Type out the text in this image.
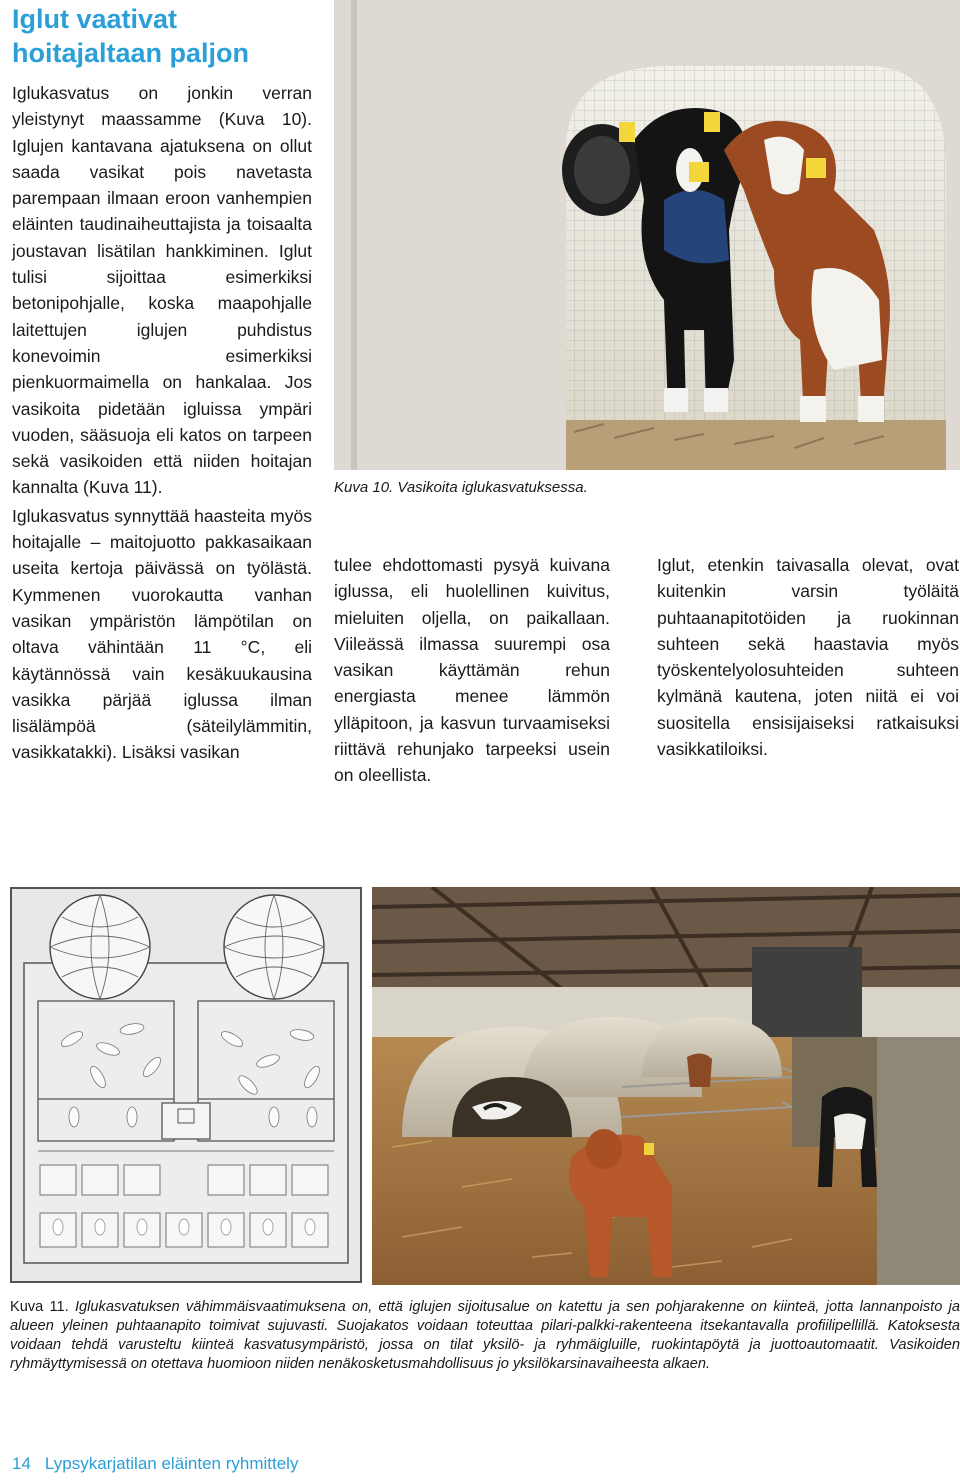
Iglut vaativat
hoitajaltaan paljon

Iglukasvatus on jonkin verran yleistynyt maassamme (Kuva 10). Iglujen kantavana ajatuksena on ollut saada vasikat pois navetasta parempaan ilmaan eroon vanhempien eläinten taudinaiheuttajista ja toisaalta joustavan lisätilan hankkiminen. Iglut tulisi sijoittaa esimerkiksi betonipohjalle, koska maapohjalle laitettujen iglujen puhdistus konevoimin esimerkiksi pienkuormaimella on hankalaa. Jos vasikoita pidetään igluissa ympäri vuoden, sääsuoja eli katos on tarpeen sekä vasikoiden että niiden hoitajan kannalta (Kuva 11).

Iglukasvatus synnyttää haasteita myös hoitajalle – maitojuotto pakkasaikaan useita kertoja päivässä on työlästä. Kymmenen vuorokautta vanhan vasikan ympäristön lämpötilan on oltava vähintään 11 °C, eli käytännössä vain kesäkuukausina vasikka pärjää iglussa ilman lisälämpöä (säteilylämmitin, vasikkatakki). Lisäksi vasikan

Kuva 10. Vasikoita iglukasvatuksessa.

tulee ehdottomasti pysyä kuivana iglussa, eli huolellinen kuivitus, mieluiten oljella, on paikallaan. Viileässä ilmassa suurempi osa vasikan käyttämän rehun energiasta menee lämmön ylläpitoon, ja kasvun turvaamiseksi riittävä rehunjako tarpeeksi usein on oleellista.

Iglut, etenkin taivasalla olevat, ovat kuitenkin varsin työläitä puhtaanapitotöiden ja ruokinnan suhteen sekä haastavia myös työskentelyolosuhteiden suhteen kylmänä kautena, joten niitä ei voi suositella ensisijaiseksi ratkaisuksi vasikkatiloiksi.

Kuva 11. Iglukasvatuksen vähimmäisvaatimuksena on, että iglujen sijoitusalue on katettu ja sen pohjarakenne on kiinteä, jotta lannanpoisto ja alueen yleinen puhtaanapito toimivat sujuvasti. Suojakatos voidaan toteuttaa pilari-palkki-rakenteena itsekantavalla profiilipellillä. Katoksesta voidaan tehdä varusteltu kiinteä kasvatusympäristö, jossa on tilat yksilö- ja ryhmäigluille, ruokintapöytä ja juottoautomaatit. Vasikoiden ryhmäyttymisessä on otettava huomioon niiden nenäkosketusmahdollisuus jo yksilökarsinavaiheesta alkaen.
14 Lypsykarjatilan eläinten ryhmittely
